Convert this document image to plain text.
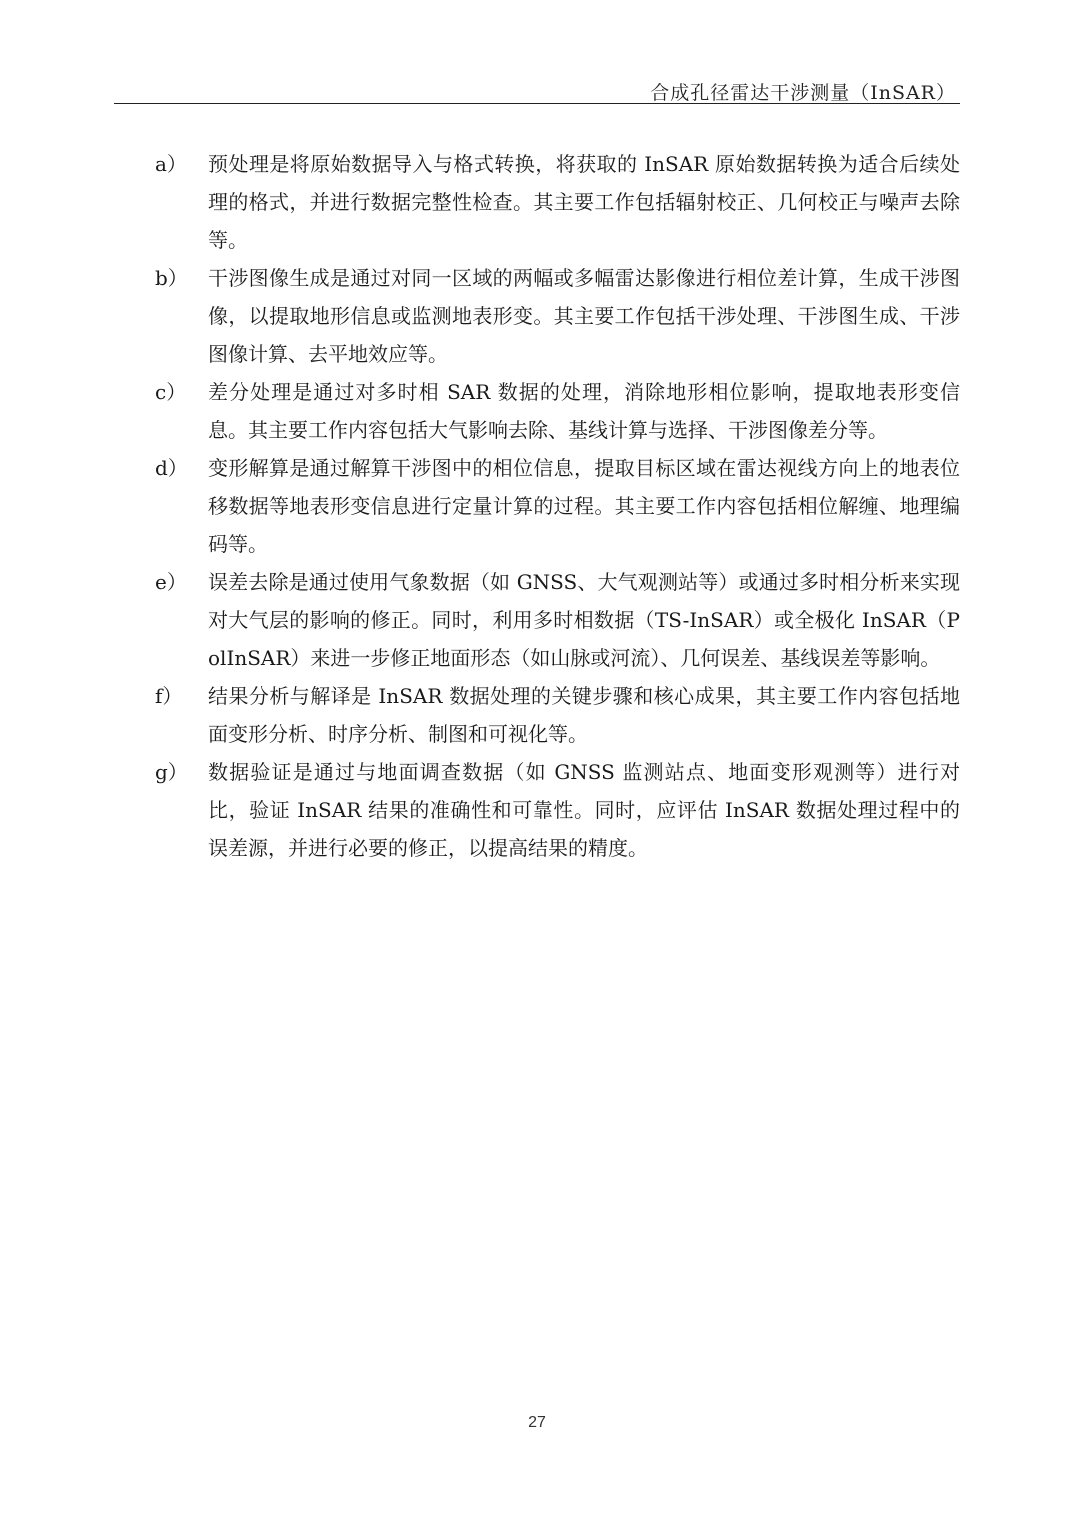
合成孔径雷达干涉测量（InSAR）
a） 预处理是将原始数据导入与格式转换，将获取的 InSAR 原始数据转换为适合后续处理的格式，并进行数据完整性检查。其主要工作包括辐射校正、几何校正与噪声去除等。
b） 干涉图像生成是通过对同一区域的两幅或多幅雷达影像进行相位差计算，生成干涉图像，以提取地形信息或监测地表形变。其主要工作包括干涉处理、干涉图生成、干涉图像计算、去平地效应等。
c） 差分处理是通过对多时相 SAR 数据的处理，消除地形相位影响，提取地表形变信息。其主要工作内容包括大气影响去除、基线计算与选择、干涉图像差分等。
d） 变形解算是通过解算干涉图中的相位信息，提取目标区域在雷达视线方向上的地表位移数据等地表形变信息进行定量计算的过程。其主要工作内容包括相位解缠、地理编码等。
e） 误差去除是通过使用气象数据（如 GNSS、大气观测站等）或通过多时相分析来实现对大气层的影响的修正。同时，利用多时相数据（TS-InSAR）或全极化 InSAR（PolInSAR）来进一步修正地面形态（如山脉或河流）、几何误差、基线误差等影响。
f） 结果分析与解译是 InSAR 数据处理的关键步骤和核心成果，其主要工作内容包括地面变形分析、时序分析、制图和可视化等。
g） 数据验证是通过与地面调查数据（如 GNSS 监测站点、地面变形观测等）进行对比，验证 InSAR 结果的准确性和可靠性。同时，应评估 InSAR 数据处理过程中的误差源，并进行必要的修正，以提高结果的精度。
27
